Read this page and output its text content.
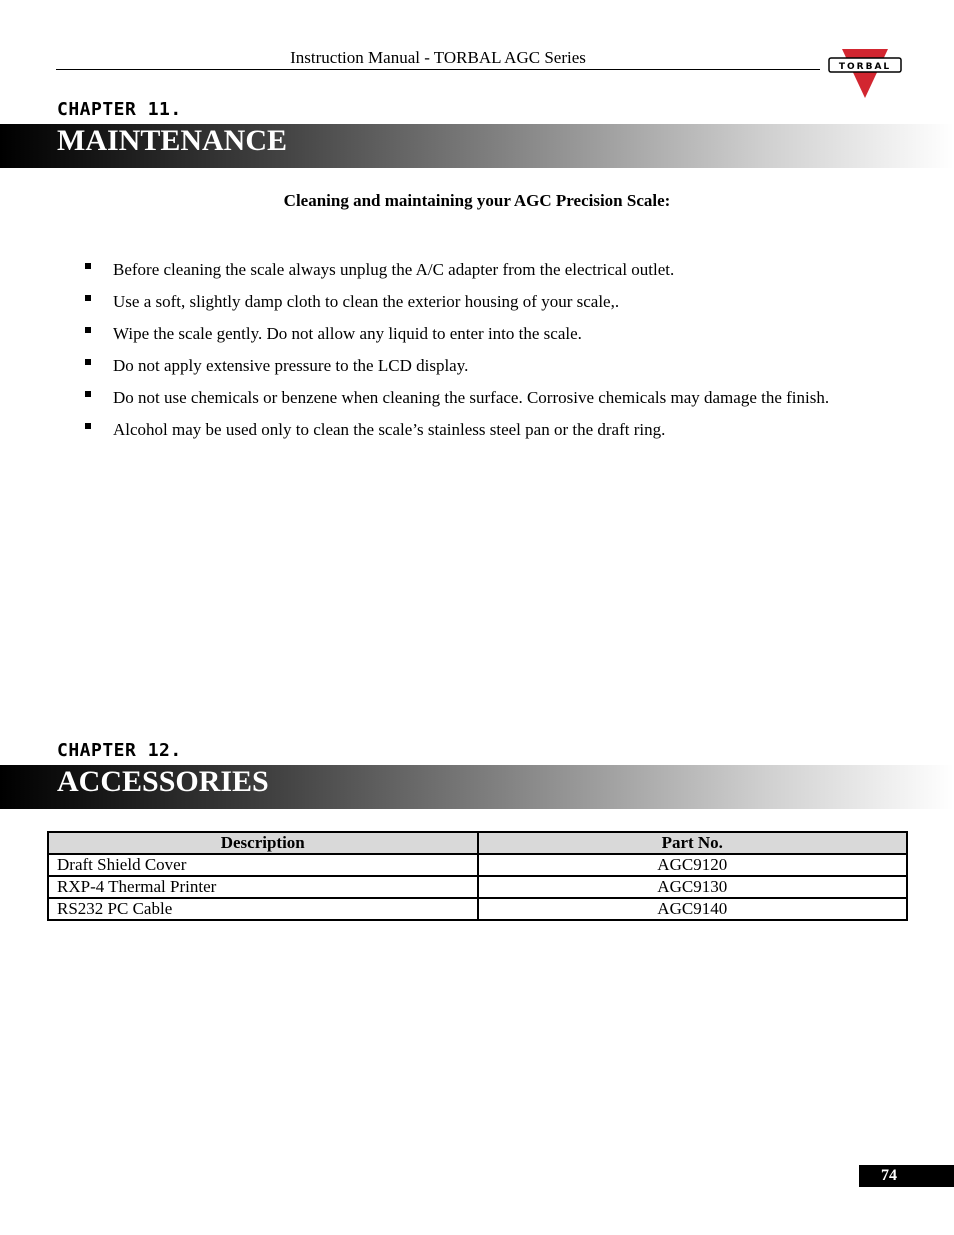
Instruction Manual - TORBAL AGC Series	TORBAL
CHAPTER 11.
MAINTENANCE
Cleaning and maintaining your AGC Precision Scale:
Before cleaning the scale always unplug the A/C adapter from the electrical outlet.
Use a soft, slightly damp cloth to clean the exterior housing of your scale,.
Wipe the scale gently. Do not allow any liquid to enter into the scale.
Do not apply extensive pressure to the LCD display.
Do not use chemicals or benzene when cleaning the surface. Corrosive chemicals may damage the finish.
Alcohol may be used only to clean the scale’s stainless steel pan or the draft ring.
CHAPTER 12.
ACCESSORIES
Description	Part No.
Draft Shield Cover	AGC9120
RXP-4 Thermal Printer	AGC9130
RS232 PC Cable	AGC9140
74
